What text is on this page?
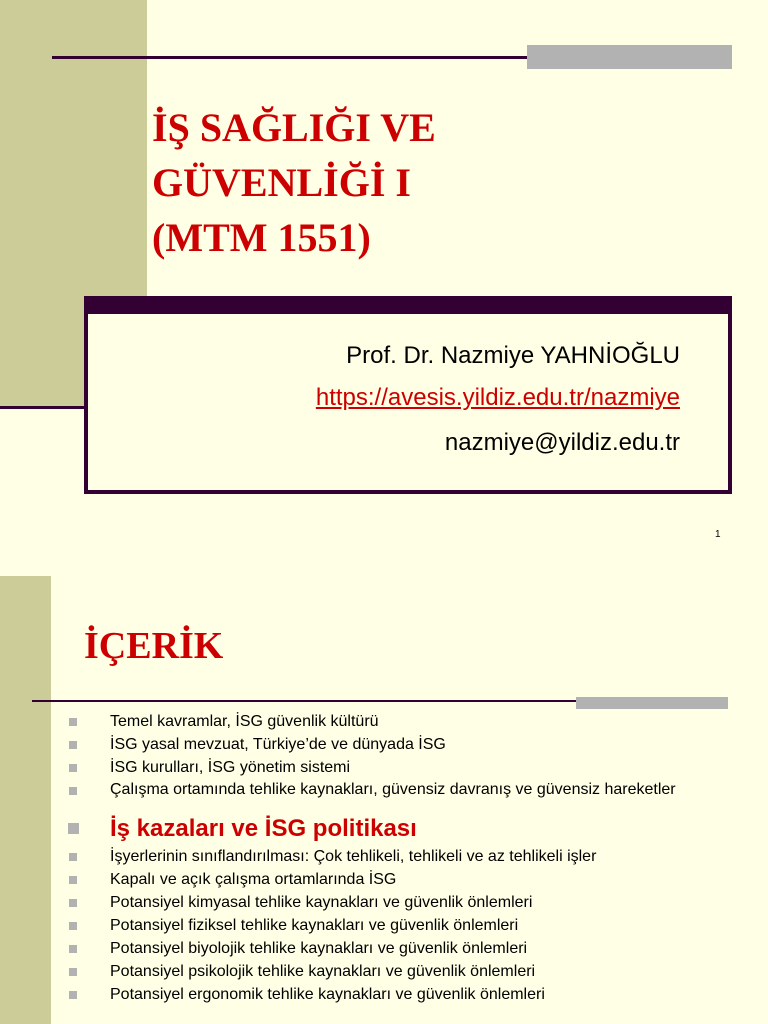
İŞ SAĞLIĞI VE
GÜVENLİĞİ I
(MTM 1551)
Prof. Dr. Nazmiye YAHNİOĞLU
https://avesis.yildiz.edu.tr/nazmiye
nazmiye@yildiz.edu.tr
1
İÇERİK
Temel kavramlar, İSG güvenlik kültürü
İSG yasal mevzuat, Türkiye’de ve dünyada İSG
İSG kurulları, İSG yönetim sistemi
Çalışma ortamında tehlike kaynakları, güvensiz davranış ve güvensiz hareketler
İş kazaları ve İSG politikası
İşyerlerinin sınıflandırılması: Çok tehlikeli, tehlikeli ve az tehlikeli işler
Kapalı ve açık çalışma ortamlarında İSG
Potansiyel kimyasal tehlike kaynakları ve güvenlik önlemleri
Potansiyel fiziksel tehlike kaynakları ve güvenlik önlemleri
Potansiyel biyolojik tehlike kaynakları ve güvenlik önlemleri
Potansiyel psikolojik tehlike kaynakları ve güvenlik önlemleri
Potansiyel ergonomik tehlike kaynakları ve güvenlik önlemleri
